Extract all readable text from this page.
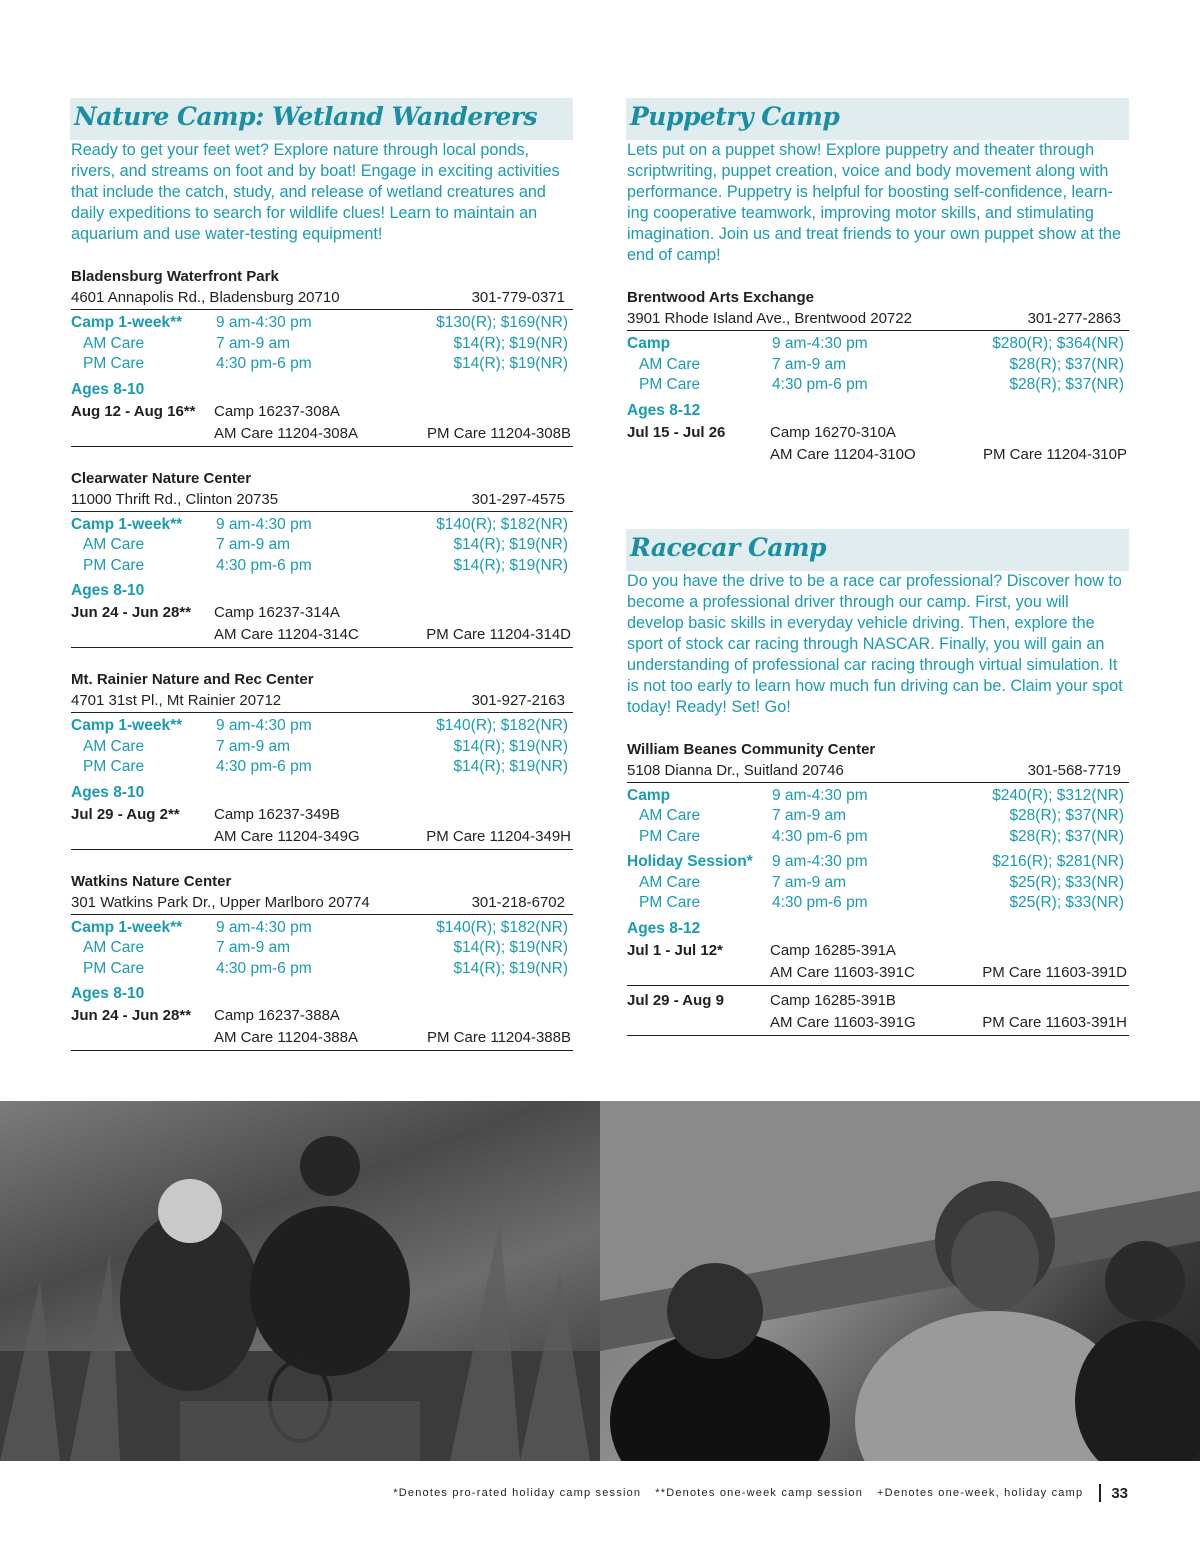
Nature Camp: Wetland Wanderers
Ready to get your feet wet? Explore nature through local ponds, rivers, and streams on foot and by boat! Engage in exciting activities that include the catch, study, and release of wetland creatures and daily expeditions to search for wildlife clues! Learn to maintain an aquarium and use water-testing equipment!
Bladensburg Waterfront Park
4601 Annapolis Rd., Bladensburg 20710	301-779-0371
Camp 1-week**	9 am-4:30 pm	$130(R); $169(NR)
AM Care	7 am-9 am	$14(R); $19(NR)
PM Care	4:30 pm-6 pm	$14(R); $19(NR)
Ages 8-10
Aug 12 - Aug 16**	Camp 16237-308A
AM Care 11204-308A	PM Care 11204-308B
Clearwater Nature Center
11000 Thrift Rd., Clinton 20735	301-297-4575
Camp 1-week**	9 am-4:30 pm	$140(R); $182(NR)
AM Care	7 am-9 am	$14(R); $19(NR)
PM Care	4:30 pm-6 pm	$14(R); $19(NR)
Ages 8-10
Jun 24 - Jun 28**	Camp 16237-314A
AM Care 11204-314C	PM Care 11204-314D
Mt. Rainier Nature and Rec Center
4701 31st Pl., Mt Rainier 20712	301-927-2163
Camp 1-week**	9 am-4:30 pm	$140(R); $182(NR)
AM Care	7 am-9 am	$14(R); $19(NR)
PM Care	4:30 pm-6 pm	$14(R); $19(NR)
Ages 8-10
Jul 29 - Aug 2**	Camp 16237-349B
AM Care 11204-349G	PM Care 11204-349H
Watkins Nature Center
301 Watkins Park Dr., Upper Marlboro 20774	301-218-6702
Camp 1-week**	9 am-4:30 pm	$140(R); $182(NR)
AM Care	7 am-9 am	$14(R); $19(NR)
PM Care	4:30 pm-6 pm	$14(R); $19(NR)
Ages 8-10
Jun 24 - Jun 28**	Camp 16237-388A
AM Care 11204-388A	PM Care 11204-388B
Puppetry Camp
Lets put on a puppet show! Explore puppetry and theater through scriptwriting, puppet creation, voice and body movement along with performance. Puppetry is helpful for boosting self-confidence, learn-ing cooperative teamwork, improving motor skills, and stimulating imagination. Join us and treat friends to your own puppet show at the end of camp!
Brentwood Arts Exchange
3901 Rhode Island Ave., Brentwood 20722	301-277-2863
Camp	9 am-4:30 pm	$280(R); $364(NR)
AM Care	7 am-9 am	$28(R); $37(NR)
PM Care	4:30 pm-6 pm	$28(R); $37(NR)
Ages 8-12
Jul 15 - Jul 26	Camp 16270-310A
AM Care 11204-310O	PM Care 11204-310P
Racecar Camp
Do you have the drive to be a race car professional? Discover how to become a professional driver through our camp. First, you will develop basic skills in everyday vehicle driving. Then, explore the sport of stock car racing through NASCAR. Finally, you will gain an understanding of professional car racing through virtual simulation. It is not too early to learn how much fun driving can be. Claim your spot today! Ready! Set! Go!
William Beanes Community Center
5108 Dianna Dr., Suitland 20746	301-568-7719
Camp	9 am-4:30 pm	$240(R); $312(NR)
AM Care	7 am-9 am	$28(R); $37(NR)
PM Care	4:30 pm-6 pm	$28(R); $37(NR)
Holiday Session*	9 am-4:30 pm	$216(R); $281(NR)
AM Care	7 am-9 am	$25(R); $33(NR)
PM Care	4:30 pm-6 pm	$25(R); $33(NR)
Ages 8-12
Jul 1 - Jul 12*	Camp 16285-391A
AM Care 11603-391C	PM Care 11603-391D
Jul 29 - Aug 9	Camp 16285-391B
AM Care 11603-391G	PM Care 11603-391H
*Denotes pro-rated holiday camp session **Denotes one-week camp session +Denotes one-week, holiday camp 33
